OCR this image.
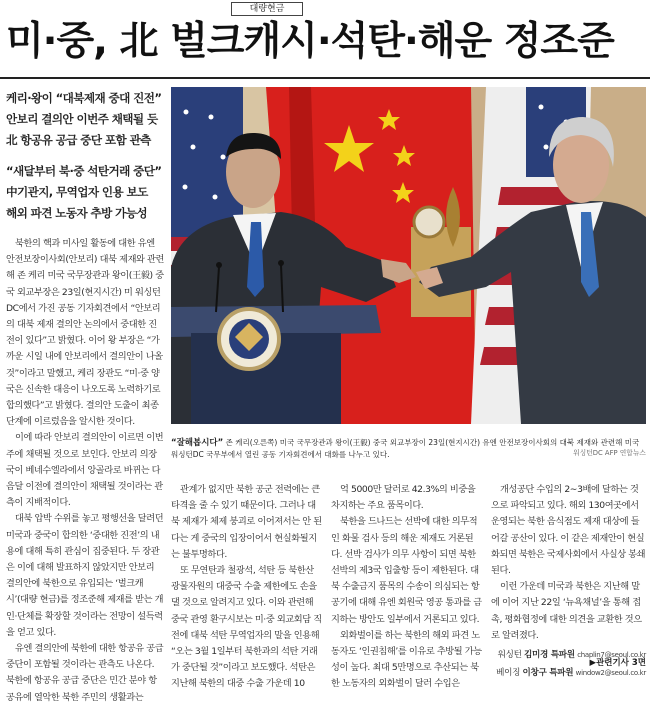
대량현금
미·중, 北 벌크캐시·석탄·해운 정조준
케리·왕이 “대북제재 중대 진전”
안보리 결의안 이번주 채택될 듯
北 항공유 공급 중단 포함 관측
“새달부터 북·중 석탄거래 중단”
中기관지, 무역업자 인용 보도
해외 파견 노동자 추방 가능성
“잘해봅시다” 존 케리(오른쪽) 미국 국무장관과 왕이(王毅) 중국 외교부장이 23일(현지시간) 유엔 안전보장이사회의 대북 제재와 관련해 미국 워싱턴DC 국무부에서 열린 공동 기자회견에서 대화를 나누고 있다.	워싱턴DC AFP 연합뉴스

북한의 핵과 미사일 활동에 대한 유엔 안전보장이사회(안보리) 대북 제재와 관련해 존 케리 미국 국무장관과 왕이(王毅) 중국 외교부장은 23일(현지시간) 미 워싱턴DC에서 가진 공동 기자회견에서 “안보리의 대북 제재 결의안 논의에서 중대한 진전이 있다”고 밝혔다. 이어 왕 부장은 “가까운 시일 내에 안보리에서 결의안이 나올 것”이라고 말했고, 케리 장관도 “미·중 양국은 신속한 대응이 나오도록 노력하기로 합의했다”고 밝혔다. 결의안 도출이 최종 단계에 이르렀음을 알시한 것이다.

이에 따라 안보리 결의안이 이르면 이번 주에 채택될 것으로 보인다. 안보리 의장국이 베네수엘라에서 앙골라로 바뀌는 다음달 이전에 결의안이 채택될 것이라는 관측이 지배적이다.

대북 압박 수위를 놓고 평행선을 달려던 미국과 중국이 합의한 ‘중대한 진전’의 내용에 대해 특히 관심이 집중된다. 두 장관은 이에 대해 발표하지 않았지만 안보리 결의안에 북한으로 유입되는 ‘벌크캐시’(대량 현금)를 정조준해 제재를 받는 개인·단체를 확장할 것이라는 전망이 설득력을 얻고 있다.

유엔 결의안에 북한에 대한 항공유 공급 중단이 포함될 것이라는 관측도 나온다. 북한에 항공유 공급 중단은 민간 분야 항공유에 열악한 북한 주민의 생활과는

관계가 없지만 북한 공군 전력에는 큰 타격을 줄 수 있기 때문이다. 그러나 대북 제재가 체제 붕괴로 이어져서는 안 된다는 게 중국의 입장이어서 현실화될지는 불투명하다.

또 무연탄과 철광석, 석탄 등 북한산 광물자원의 대중국 수출 제한에도 손을 댈 것으로 알려지고 있다. 이와 관련해 중국 관영 환구시보는 미·중 외교회담 직전에 대북 석탄 무역업자의 말을 인용해 “오는 3월 1일부터 북한과의 석탄 거래가 중단될 것”이라고 보도했다. 석탄은 지난해 북한의 대중 수출 가운데 10

억 5000만 달러로 42.3%의 비중을 차지하는 주요 품목이다.

북한을 드나드는 선박에 대한 의무적인 화물 검사 등의 해운 제재도 거론된다. 선박 검사가 의무 사항이 되면 북한 선박의 제3국 입출항 등이 제한된다. 대북 수출금지 품목의 수송이 의심되는 항공기에 대해 유엔 회원국 영공 통과를 금지하는 방안도 일부에서 거론되고 있다.

외화벌이를 하는 북한의 해외 파견 노동자도 ‘인권침해’를 이유로 추방될 가능성이 높다. 최대 5만명으로 추산되는 북한 노동자의 외화벌이 달러 수입은

개성공단 수입의 2∼3배에 달하는 것으로 파악되고 있다. 해외 130여곳에서 운영되는 북한 음식점도 제재 대상에 들어갈 공산이 있다. 이 같은 제재안이 현실화되면 북한은 국제사회에서 사실상 봉쇄된다.

이런 가운데 미국과 북한은 지난해 말에 이어 지난 22일 ‘뉴욕채널’을 통해 접촉, 평화협정에 대한 의견을 교환한 것으로 알려졌다.

워싱턴 김미경 특파원 chaplin7@seoul.co.kr
베이징 이창구 특파원 window2@seoul.co.kr
▶관련기사 3면
